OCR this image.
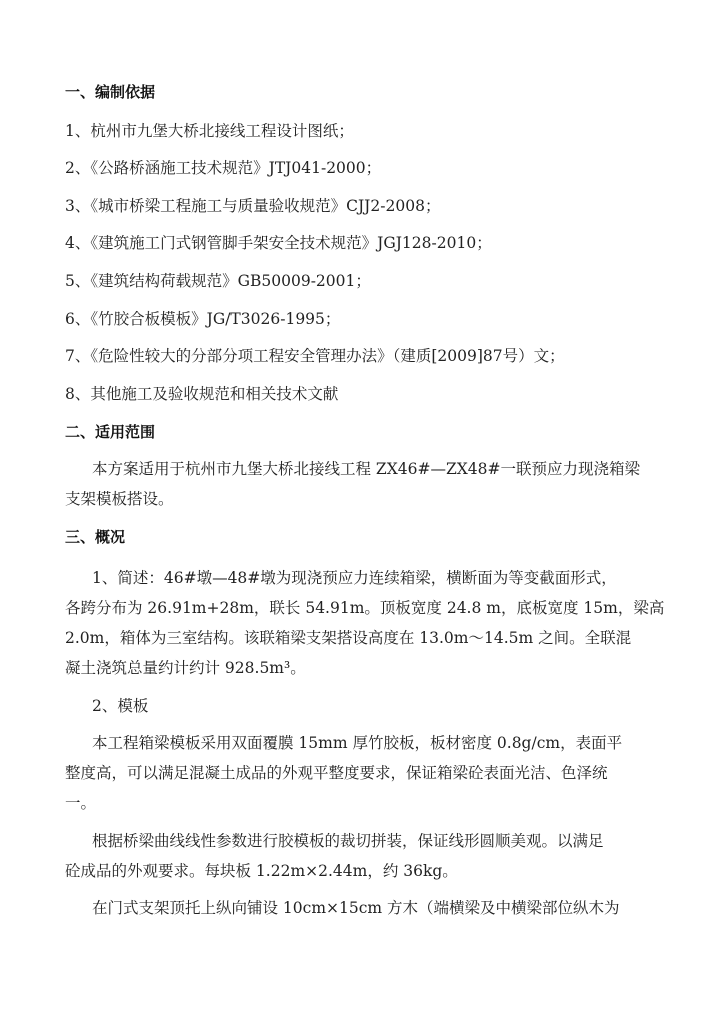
一、编制依据
1、杭州市九堡大桥北接线工程设计图纸；
2、《公路桥涵施工技术规范》JTJ041-2000；
3、《城市桥梁工程施工与质量验收规范》CJJ2-2008；
4、《建筑施工门式钢管脚手架安全技术规范》JGJ128-2010；
5、《建筑结构荷载规范》GB50009-2001；
6、《竹胶合板模板》JG/T3026-1995；
7、《危险性较大的分部分项工程安全管理办法》（建质[2009]87号）文；
8、其他施工及验收规范和相关技术文献
二、适用范围
本方案适用于杭州市九堡大桥北接线工程 ZX46#—ZX48#一联预应力现浇箱梁
支架模板搭设。
三、概况
1、简述：46#墩—48#墩为现浇预应力连续箱梁，横断面为等变截面形式，
各跨分布为 26.91m+28m，联长 54.91m。顶板宽度 24.8 m，底板宽度 15m，梁高
2.0m，箱体为三室结构。该联箱梁支架搭设高度在 13.0m～14.5m 之间。全联混
凝土浇筑总量约计约计 928.5m³。
2、模板
本工程箱梁模板采用双面覆膜 15mm 厚竹胶板，板材密度 0.8g/cm，表面平
整度高，可以满足混凝土成品的外观平整度要求，保证箱梁砼表面光洁、色泽统
一。
根据桥梁曲线线性参数进行胶模板的裁切拼装，保证线形圆顺美观。以满足
砼成品的外观要求。每块板 1.22m×2.44m，约 36kg。
在门式支架顶托上纵向铺设 10cm×15cm 方木（端横梁及中横梁部位纵木为
